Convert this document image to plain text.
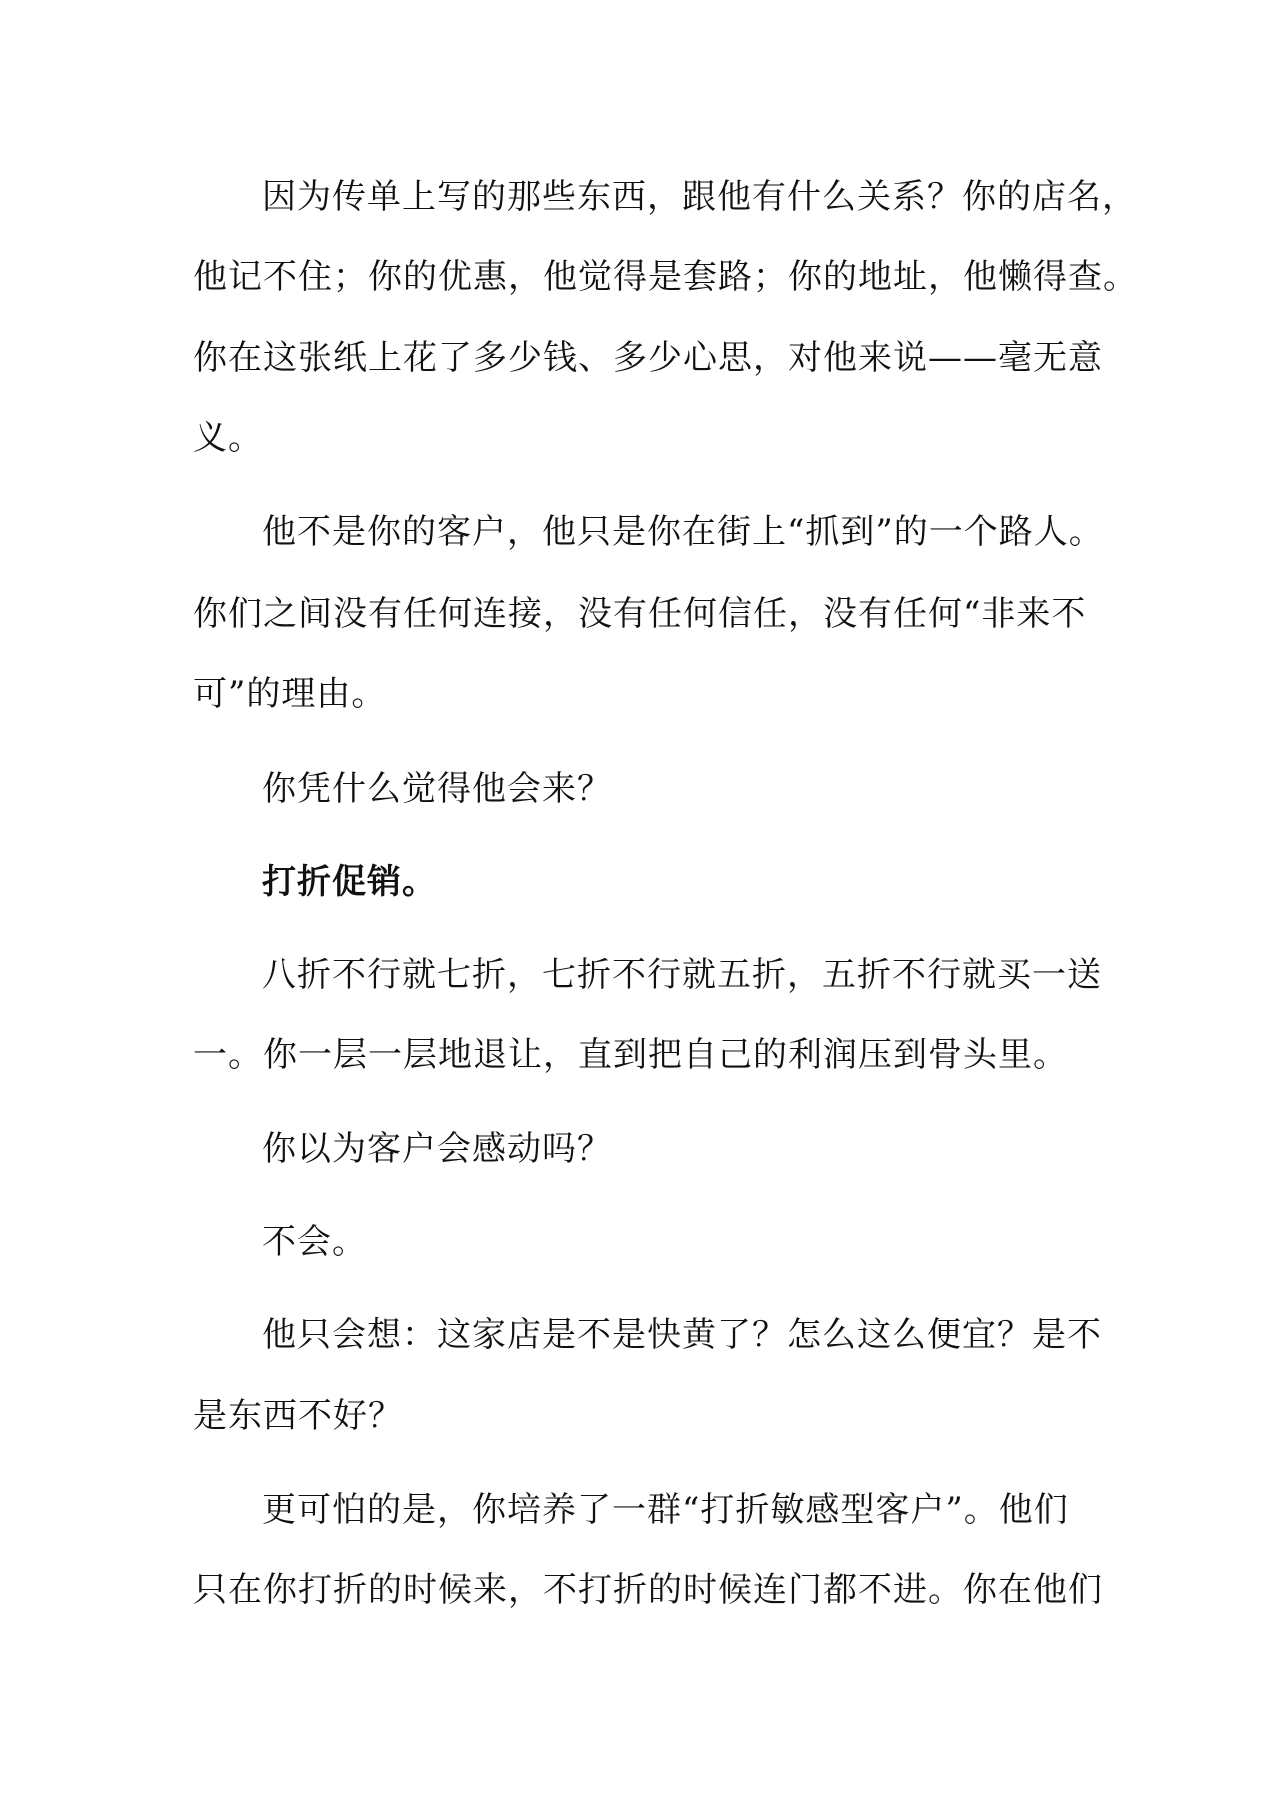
因为传单上写的那些东西，跟他有什么关系？你的店名，
他记不住；你的优惠，他觉得是套路；你的地址，他懒得查。
你在这张纸上花了多少钱、多少心思，对他来说——毫无意
义。
他不是你的客户，他只是你在街上“抓到”的一个路人。
你们之间没有任何连接，没有任何信任，没有任何“非来不
可”的理由。
你凭什么觉得他会来？
打折促销。
八折不行就七折，七折不行就五折，五折不行就买一送
一。你一层一层地退让，直到把自己的利润压到骨头里。
你以为客户会感动吗？
不会。
他只会想：这家店是不是快黄了？怎么这么便宜？是不
是东西不好？
更可怕的是，你培养了一群“打折敏感型客户”。他们
只在你打折的时候来，不打折的时候连门都不进。你在他们
